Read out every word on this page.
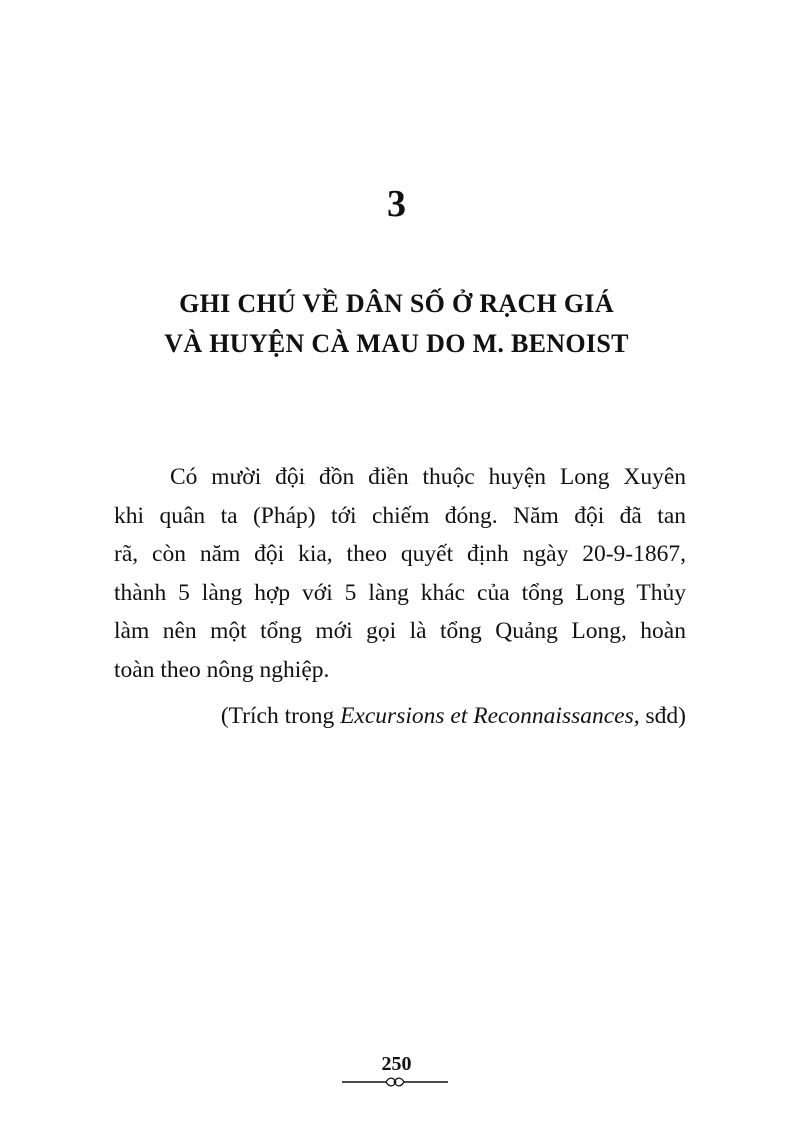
3
GHI CHÚ VỀ DÂN SỐ Ở RẠCH GIÁ
VÀ HUYỆN CÀ MAU DO M. BENOIST
Có mười đội đồn điền thuộc huyện Long Xuyên
khi quân ta (Pháp) tới chiếm đóng. Năm đội đã tan
rã, còn năm đội kia, theo quyết định ngày 20-9-1867,
thành 5 làng hợp với 5 làng khác của tổng Long Thủy
làm nên một tổng mới gọi là tổng Quảng Long, hoàn
toàn theo nông nghiệp.
(Trích trong Excursions et Reconnaissances, sđd)
250
